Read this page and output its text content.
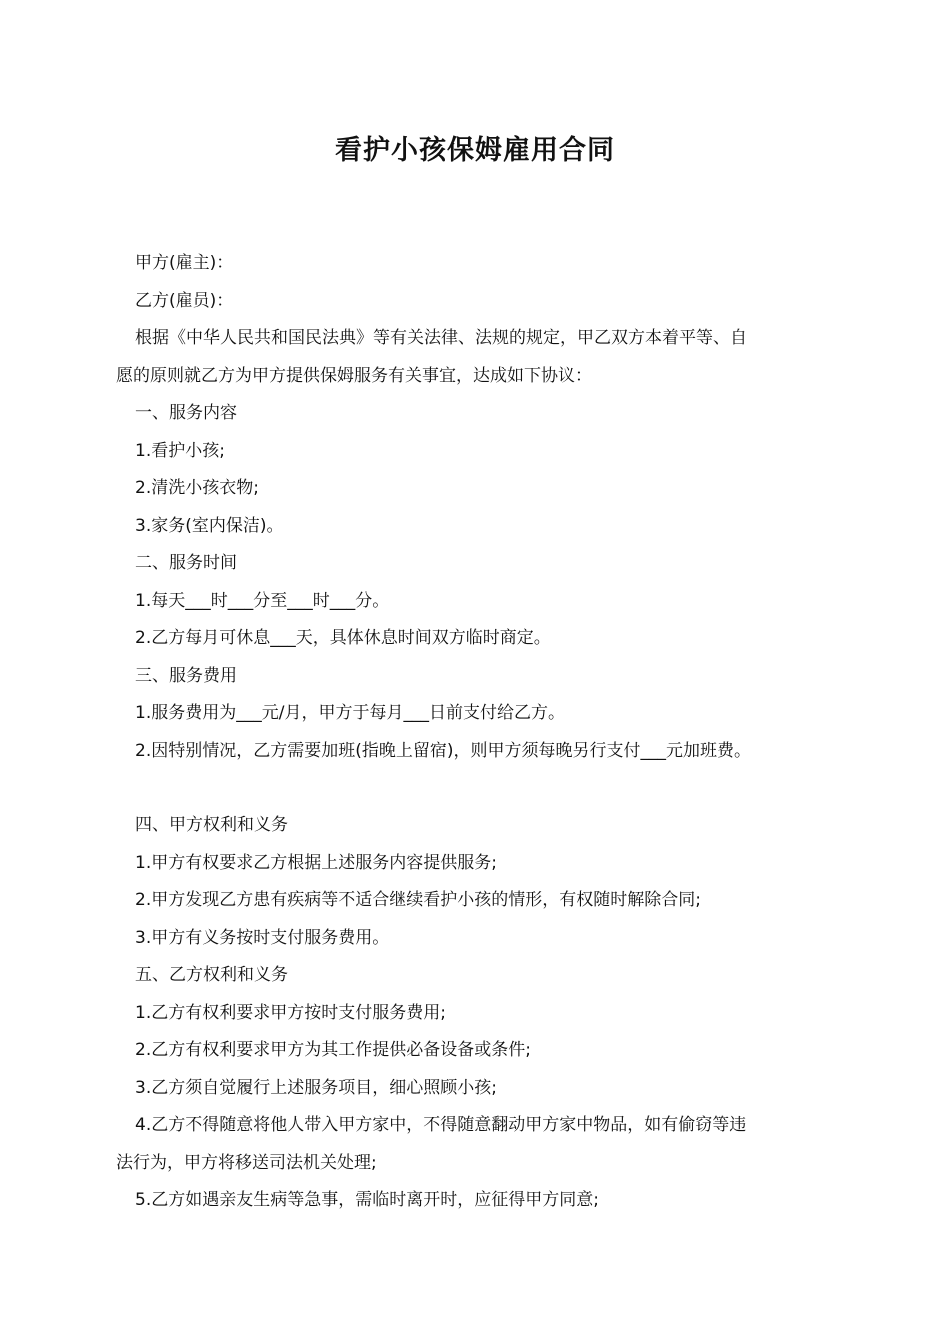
看护小孩保姆雇用合同
甲方(雇主)：
乙方(雇员)：
根据《中华人民共和国民法典》等有关法律、法规的规定，甲乙双方本着平等、自
愿的原则就乙方为甲方提供保姆服务有关事宜，达成如下协议：
一、服务内容
1.看护小孩;
2.清洗小孩衣物;
3.家务(室内保洁)。
二、服务时间
1.每天___时___分至___时___分。
2.乙方每月可休息___天，具体休息时间双方临时商定。
三、服务费用
1.服务费用为___元/月，甲方于每月___日前支付给乙方。
2.因特别情况，乙方需要加班(指晚上留宿)，则甲方须每晚另行支付___元加班费。
四、甲方权利和义务
1.甲方有权要求乙方根据上述服务内容提供服务;
2.甲方发现乙方患有疾病等不适合继续看护小孩的情形，有权随时解除合同;
3.甲方有义务按时支付服务费用。
五、乙方权利和义务
1.乙方有权利要求甲方按时支付服务费用;
2.乙方有权利要求甲方为其工作提供必备设备或条件;
3.乙方须自觉履行上述服务项目，细心照顾小孩;
4.乙方不得随意将他人带入甲方家中，不得随意翻动甲方家中物品，如有偷窃等违
法行为，甲方将移送司法机关处理;
5.乙方如遇亲友生病等急事，需临时离开时，应征得甲方同意;
